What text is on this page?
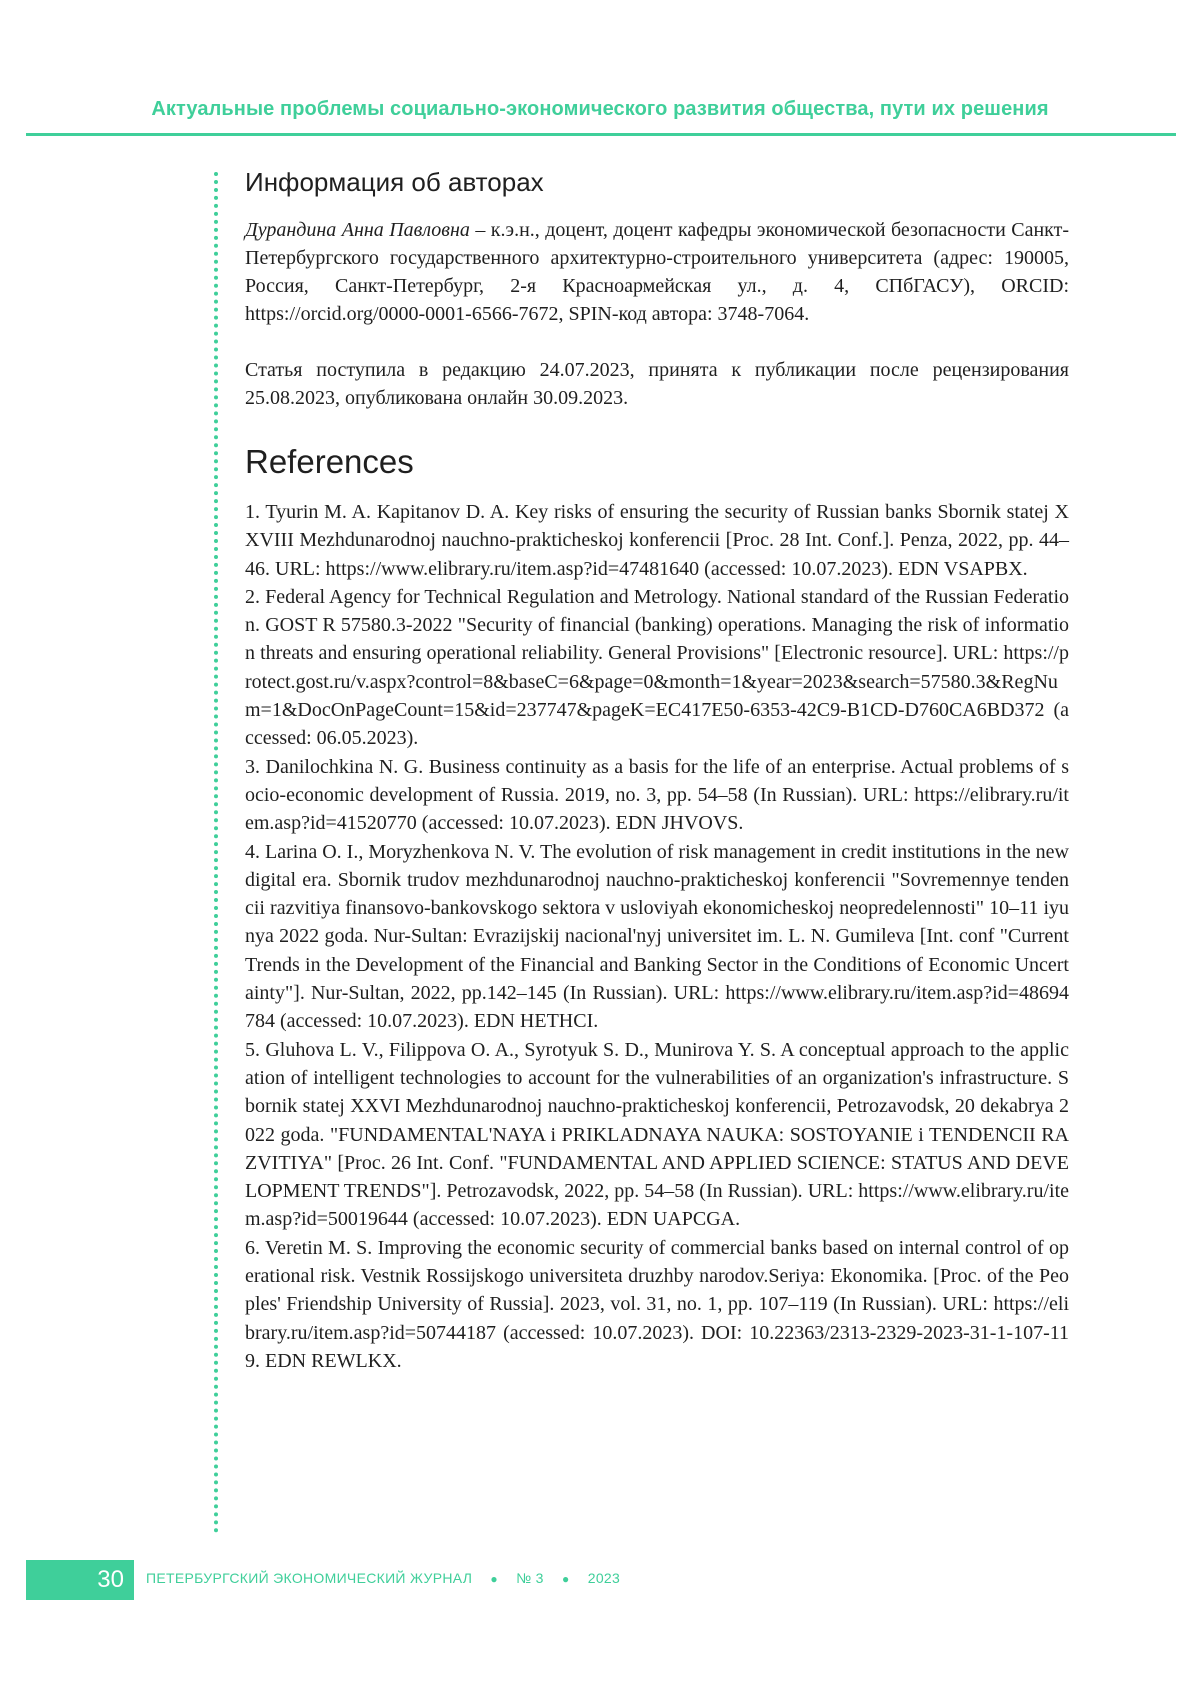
Актуальные проблемы социально-экономического развития общества, пути их решения
Информация об авторах

Дурандина Анна Павловна – к.э.н., доцент, доцент кафедры экономической безопасности Санкт-Петербургского государственного архитектурно-строительного университета (адрес: 190005, Россия, Санкт-Петербург, 2-я Красноармейская ул., д. 4, СПбГАСУ), ORCID: https://orcid.org/0000-0001-6566-7672, SPIN-код автора: 3748-7064.

Статья поступила в редакцию 24.07.2023, принята к публикации после рецензирования 25.08.2023, опубликована онлайн 30.09.2023.

References

1. Tyurin M. A. Kapitanov D. A. Key risks of ensuring the security of Russian banks Sbornik statej XXVIII Mezhdunarodnoj nauchno-prakticheskoj konferencii [Proc. 28 Int. Conf.]. Penza, 2022, pp. 44–46. URL: https://www.elibrary.ru/item.asp?id=47481640 (accessed: 10.07.2023). EDN VSAPBX.

2. Federal Agency for Technical Regulation and Metrology. National standard of the Russian Federation. GOST R 57580.3-2022 "Security of financial (banking) operations. Managing the risk of information threats and ensuring operational reliability. General Provisions" [Electronic resource]. URL: https://protect.gost.ru/v.aspx?control=8&baseC=6&page=0&month=1&year=2023&search=57580.3&RegNum=1&DocOnPageCount=15&id=237747&pageK=EC417E50-6353-42C9-B1CD-D760CA6BD372 (accessed: 06.05.2023).

3. Danilochkina N. G. Business continuity as a basis for the life of an enterprise. Actual problems of socio-economic development of Russia. 2019, no. 3, pp. 54–58 (In Russian). URL: https://elibrary.ru/item.asp?id=41520770 (accessed: 10.07.2023). EDN JHVOVS.

4. Larina O. I., Moryzhenkova N. V. The evolution of risk management in credit institutions in the new digital era. Sbornik trudov mezhdunarodnoj nauchno-prakticheskoj konferencii "Sovremennye tendencii razvitiya finansovo-bankovskogo sektora v usloviyah ekonomicheskoj neopredelennosti" 10–11 iyunya 2022 goda. Nur-Sultan: Evrazijskij nacional'nyj universitet im. L. N. Gumileva [Int. conf "Current Trends in the Development of the Financial and Banking Sector in the Conditions of Economic Uncertainty"]. Nur-Sultan, 2022, pp.142–145 (In Russian). URL: https://www.elibrary.ru/item.asp?id=48694784 (accessed: 10.07.2023). EDN HETHCI.

5. Gluhova L. V., Filippova O. A., Syrotyuk S. D., Munirova Y. S. A conceptual approach to the application of intelligent technologies to account for the vulnerabilities of an organization's infrastructure. Sbornik statej XXVI Mezhdunarodnoj nauchno-prakticheskoj konferencii, Petrozavodsk, 20 dekabrya 2022 goda. "FUNDAMENTAL'NAYA i PRIKLADNAYA NAUKA: SOSTOYANIE i TENDENCII RAZVITIYA" [Proc. 26 Int. Conf. "FUNDAMENTAL AND APPLIED SCIENCE: STATUS AND DEVELOPMENT TRENDS"]. Petrozavodsk, 2022, pp. 54–58 (In Russian). URL: https://www.elibrary.ru/item.asp?id=50019644 (accessed: 10.07.2023). EDN UAPCGA.

6. Veretin M. S. Improving the economic security of commercial banks based on internal control of operational risk. Vestnik Rossijskogo universiteta druzhby narodov.Seriya: Ekonomika. [Proc. of the Peoples' Friendship University of Russia]. 2023, vol. 31, no. 1, pp. 107–119 (In Russian). URL: https://elibrary.ru/item.asp?id=50744187 (accessed: 10.07.2023). DOI: 10.22363/2313-2329-2023-31-1-107-119. EDN REWLKX.

30	ПЕТЕРБУРГСКИЙ ЭКОНОМИЧЕСКИЙ ЖУРНАЛ ● № 3 ● 2023
